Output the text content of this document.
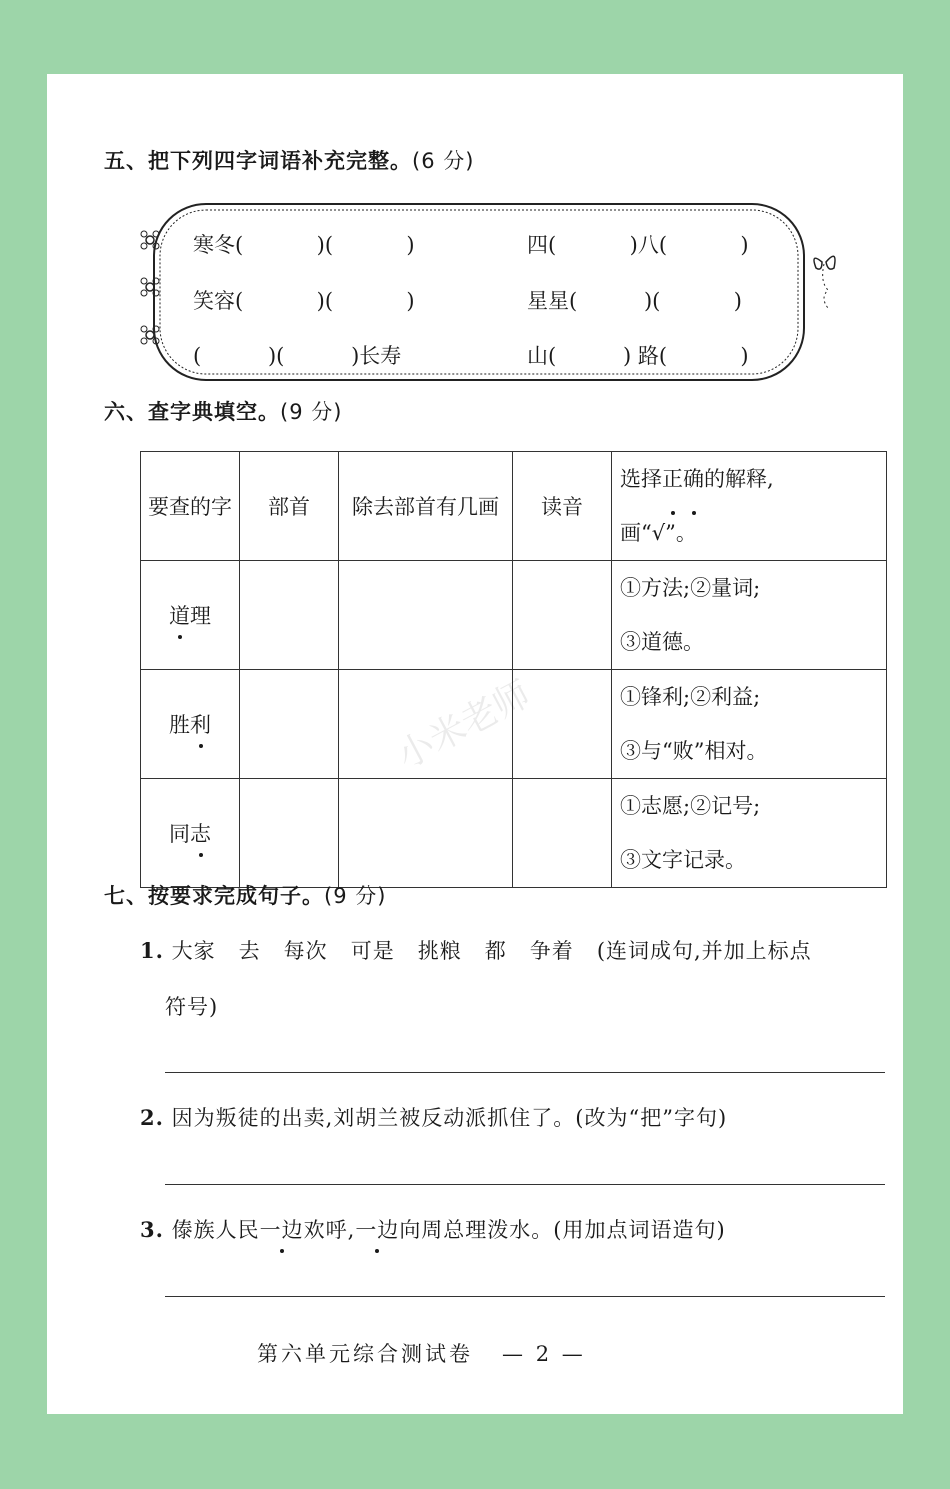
五、把下列四字词语补充完整。(6 分)
寒冬(           )(           )	四(           )八(           )
笑容(           )(           )	星星(          )(           )
(          )(          )长寿	山(          ) 路(           )
六、查字典填空。(9 分)
要查的字	部首	除去部首有几画	读音	选择正确的解释,
画“√”。

道理				①方法;②量词;
③道德。

胜利				①锋利;②利益;
③与“败”相对。

同志				①志愿;②记号;
③文字记录。
小米老师
七、按要求完成句子。(9 分)
1. 大家   去   每次   可是   挑粮   都   争着 (连词成句,并加上标点
符号)
2. 因为叛徒的出卖,刘胡兰被反动派抓住了。(改为“把”字句)
3. 傣族人民一边欢呼,一边向周总理泼水。(用加点词语造句)
第六单元综合测试卷 — 2 —
